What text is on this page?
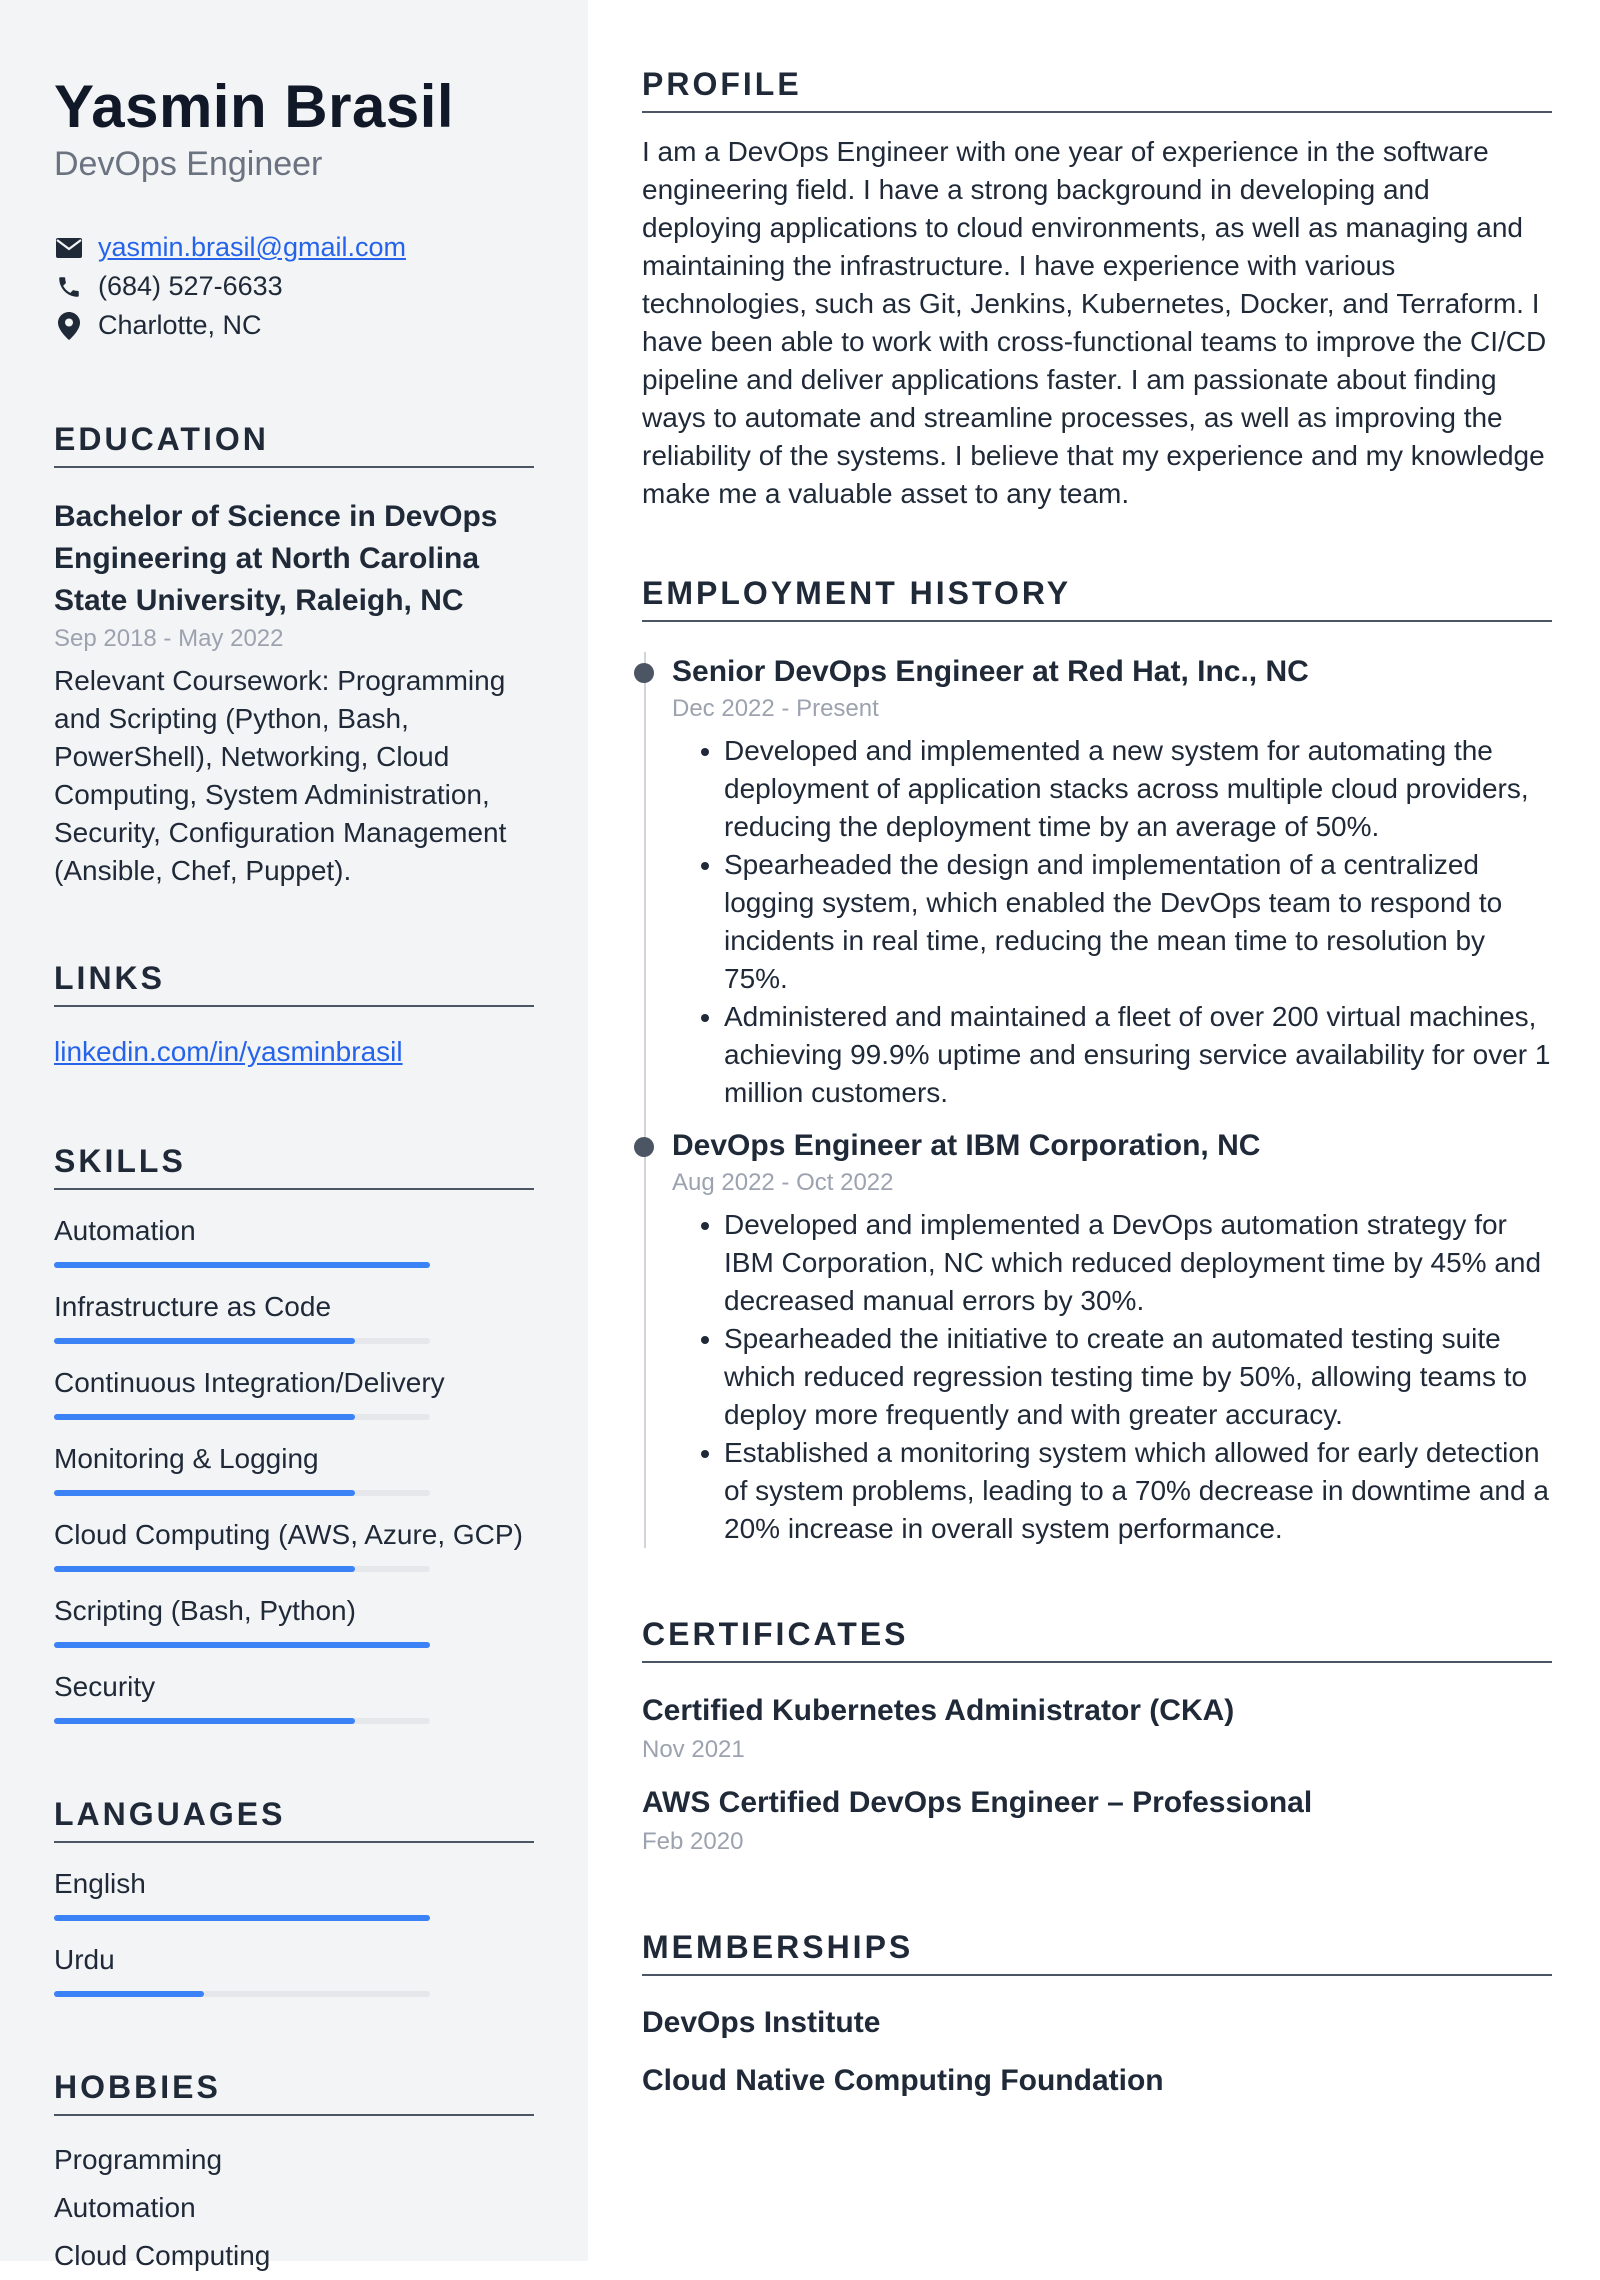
Yasmin Brasil
DevOps Engineer
yasmin.brasil@gmail.com
(684) 527-6633
Charlotte, NC
EDUCATION
Bachelor of Science in DevOps Engineering at North Carolina State University, Raleigh, NC
Sep 2018 - May 2022
Relevant Coursework: Programming and Scripting (Python, Bash, PowerShell), Networking, Cloud Computing, System Administration, Security, Configuration Management (Ansible, Chef, Puppet).
LINKS
linkedin.com/in/yasminbrasil
SKILLS
Automation
Infrastructure as Code
Continuous Integration/Delivery
Monitoring & Logging
Cloud Computing (AWS, Azure, GCP)
Scripting (Bash, Python)
Security
LANGUAGES
English
Urdu
HOBBIES
Programming
Automation
Cloud Computing
PROFILE
I am a DevOps Engineer with one year of experience in the software engineering field. I have a strong background in developing and deploying applications to cloud environments, as well as managing and maintaining the infrastructure. I have experience with various technologies, such as Git, Jenkins, Kubernetes, Docker, and Terraform. I have been able to work with cross-functional teams to improve the CI/CD pipeline and deliver applications faster. I am passionate about finding ways to automate and streamline processes, as well as improving the reliability of the systems. I believe that my experience and my knowledge make me a valuable asset to any team.
EMPLOYMENT HISTORY
Senior DevOps Engineer at Red Hat, Inc., NC
Dec 2022 - Present
• Developed and implemented a new system for automating the deployment of application stacks across multiple cloud providers, reducing the deployment time by an average of 50%.
• Spearheaded the design and implementation of a centralized logging system, which enabled the DevOps team to respond to incidents in real time, reducing the mean time to resolution by 75%.
• Administered and maintained a fleet of over 200 virtual machines, achieving 99.9% uptime and ensuring service availability for over 1 million customers.
DevOps Engineer at IBM Corporation, NC
Aug 2022 - Oct 2022
• Developed and implemented a DevOps automation strategy for IBM Corporation, NC which reduced deployment time by 45% and decreased manual errors by 30%.
• Spearheaded the initiative to create an automated testing suite which reduced regression testing time by 50%, allowing teams to deploy more frequently and with greater accuracy.
• Established a monitoring system which allowed for early detection of system problems, leading to a 70% decrease in downtime and a 20% increase in overall system performance.
CERTIFICATES
Certified Kubernetes Administrator (CKA)
Nov 2021
AWS Certified DevOps Engineer – Professional
Feb 2020
MEMBERSHIPS
DevOps Institute
Cloud Native Computing Foundation
